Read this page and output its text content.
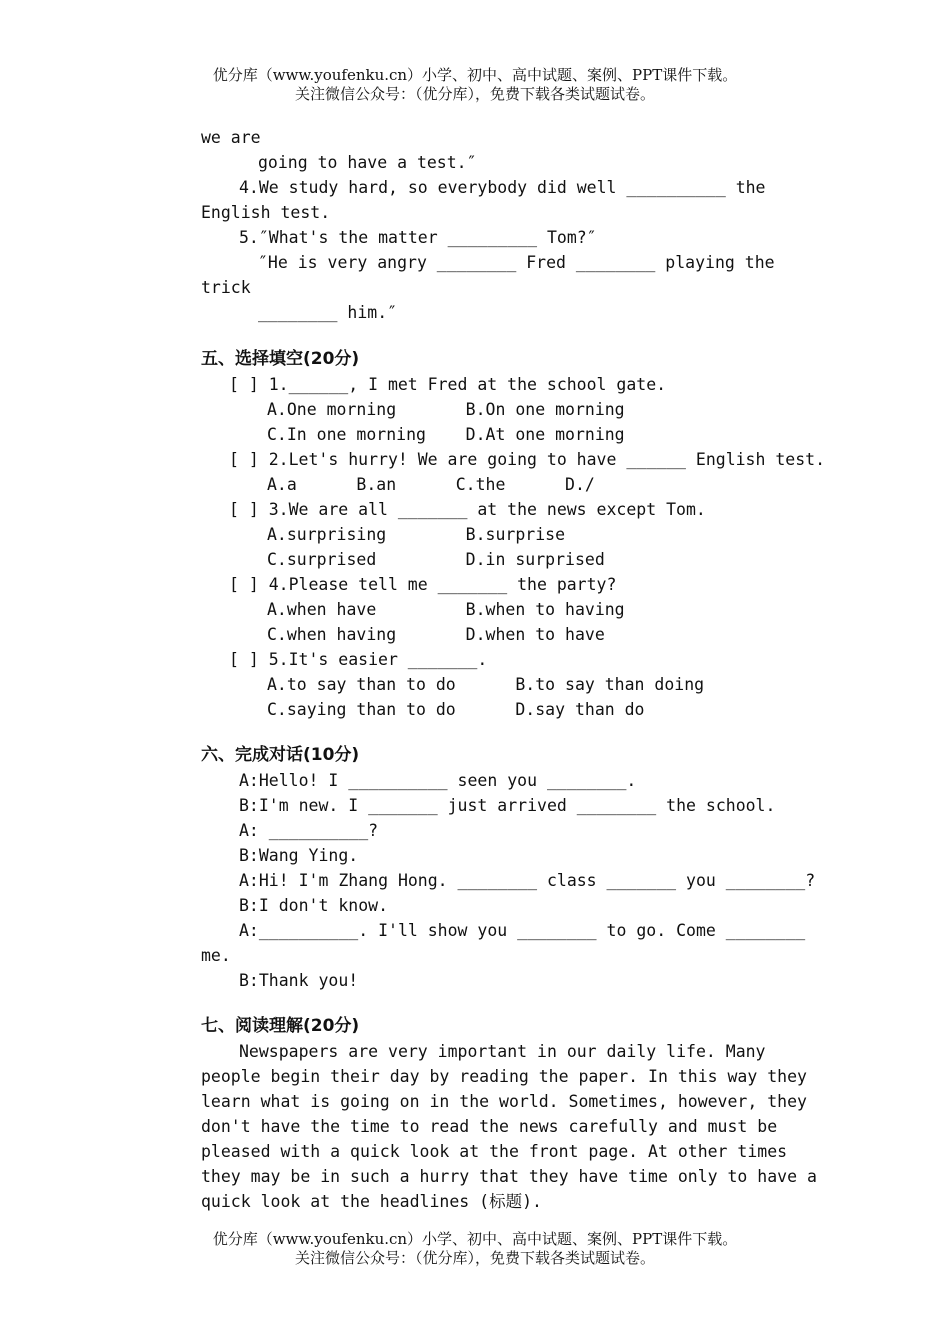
优分库（www.youfenku.cn）小学、初中、高中试题、案例、PPT课件下载。
关注微信公众号：（优分库），免费下载各类试题试卷。
we are
going to have a test.″
4.We study hard, so everybody did well __________ the
English test.
5.″What's the matter _________ Tom?″
″He is very angry ________ Fred ________ playing the
trick
________ him.″
五、选择填空(20分)
[ ] 1.______, I met Fred at the school gate.
A.One morning       B.On one morning
C.In one morning    D.At one morning
[ ] 2.Let's hurry! We are going to have ______ English test.
A.a      B.an      C.the      D./
[ ] 3.We are all _______ at the news except Tom.
A.surprising        B.surprise
C.surprised         D.in surprised
[ ] 4.Please tell me _______ the party?
A.when have         B.when to having
C.when having       D.when to have
[ ] 5.It's easier _______.
A.to say than to do      B.to say than doing
C.saying than to do      D.say than do
六、完成对话(10分)
A:Hello! I __________ seen you ________.
B:I'm new. I _______ just arrived ________ the school.
A: __________?
B:Wang Ying.
A:Hi! I'm Zhang Hong. ________ class _______ you ________?
B:I don't know.
A:__________. I'll show you ________ to go. Come ________
me.
B:Thank you!
七、阅读理解(20分)
Newspapers are very important in our daily life. Many
people begin their day by reading the paper. In this way they
learn what is going on in the world. Sometimes, however, they
don't have the time to read the news carefully and must be
pleased with a quick look at the front page. At other times
they may be in such a hurry that they have time only to have a
quick look at the headlines (标题).
优分库（www.youfenku.cn）小学、初中、高中试题、案例、PPT课件下载。
关注微信公众号：（优分库），免费下载各类试题试卷。
